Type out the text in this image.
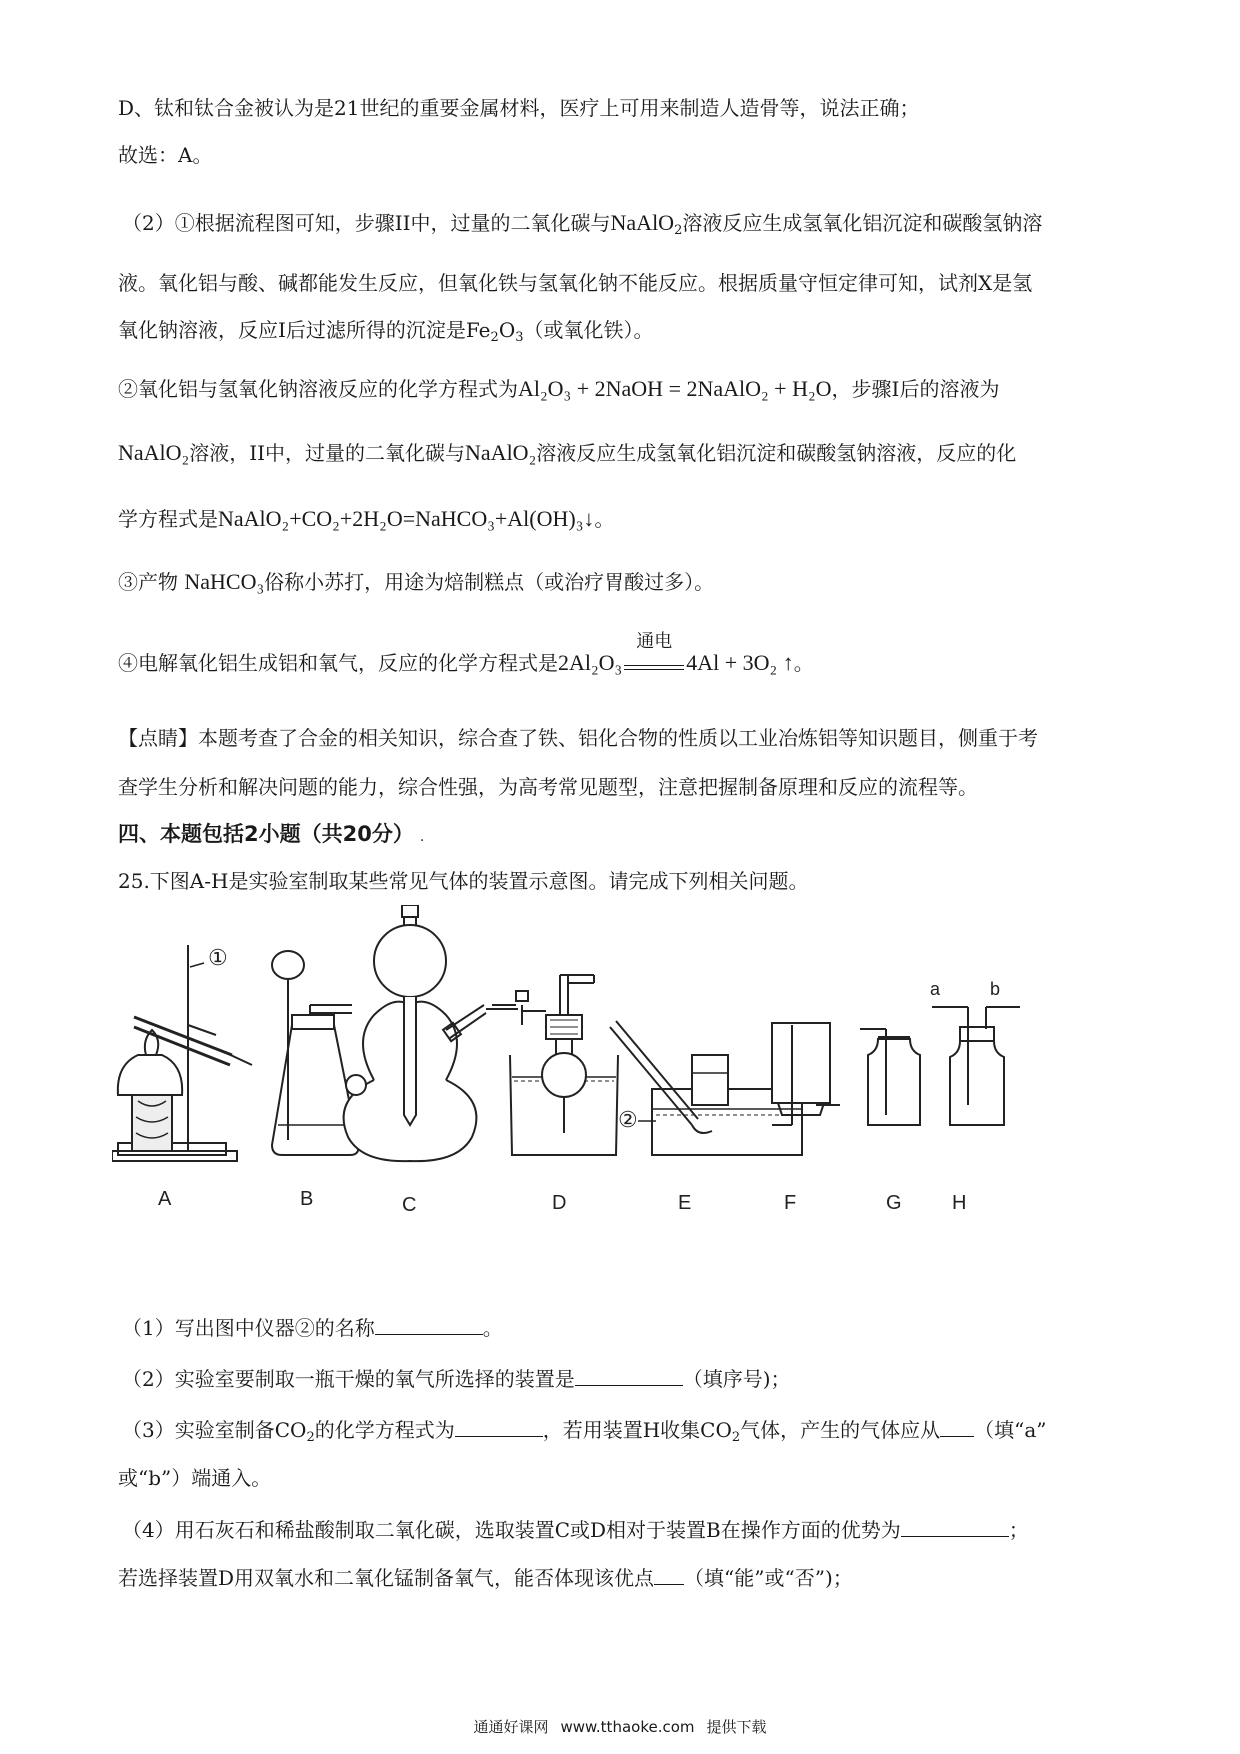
D、钛和钛合金被认为是21世纪的重要金属材料，医疗上可用来制造人造骨等，说法正确；
故选：A。
（2）①根据流程图可知，步骤II中，过量的二氧化碳与NaAlO$_2$溶液反应生成氢氧化铝沉淀和碳酸氢钠溶
液。氧化铝与酸、碱都能发生反应，但氧化铁与氢氧化钠不能反应。根据质量守恒定律可知，试剂X是氢
氧化钠溶液，反应I后过滤所得的沉淀是$Fe_2O_3$（或氧化铁）。
②氧化铝与氢氧化钠溶液反应的化学方程式为Al₂O₃ + 2NaOH = 2NaAlO₂ + H₂O，步骤I后的溶液为
NaAlO₂溶液，II中，过量的二氧化碳与NaAlO₂溶液反应生成氢氧化铝沉淀和碳酸氢钠溶液，反应的化
学方程式是NaAlO₂+CO₂+2H₂O=NaHCO₃+Al(OH)₃↓。
③产物 NaHCO₃俗称小苏打，用途为焙制糕点（或治疗胃酸过多）。
④电解氧化铝生成铝和氧气，反应的化学方程式是2Al₂O₃
通电
4Al + 3O₂ ↑。
【点睛】本题考查了合金的相关知识，综合查了铁、铝化合物的性质以工业冶炼铝等知识题目，侧重于考
查学生分析和解决问题的能力，综合性强，为高考常见题型，注意把握制备原理和反应的流程等。
四、本题包括2小题（共20分） .
25.下图A-H是实验室制取某些常见气体的装置示意图。请完成下列相关问题。
①
A	B	C	D
②
E	F	G
a	b
H
（1）写出图中仪器②的名称	。
（2）实验室要制取一瓶干燥的氧气所选择的装置是	（填序号)；
（3）实验室制备$CO_2$的化学方程式为	，若用装置H收集$CO_2$气体，产生的气体应从 （填“a”
或“b”）端通入。
（4）用石灰石和稀盐酸制取二氧化碳，选取装置C或D相对于装置B在操作方面的优势为	；
若选择装置D用双氧水和二氧化锰制备氧气，能否体现该优点 （填“能”或“否”)；
通通好课网 www.tthaoke.com 提供下载
